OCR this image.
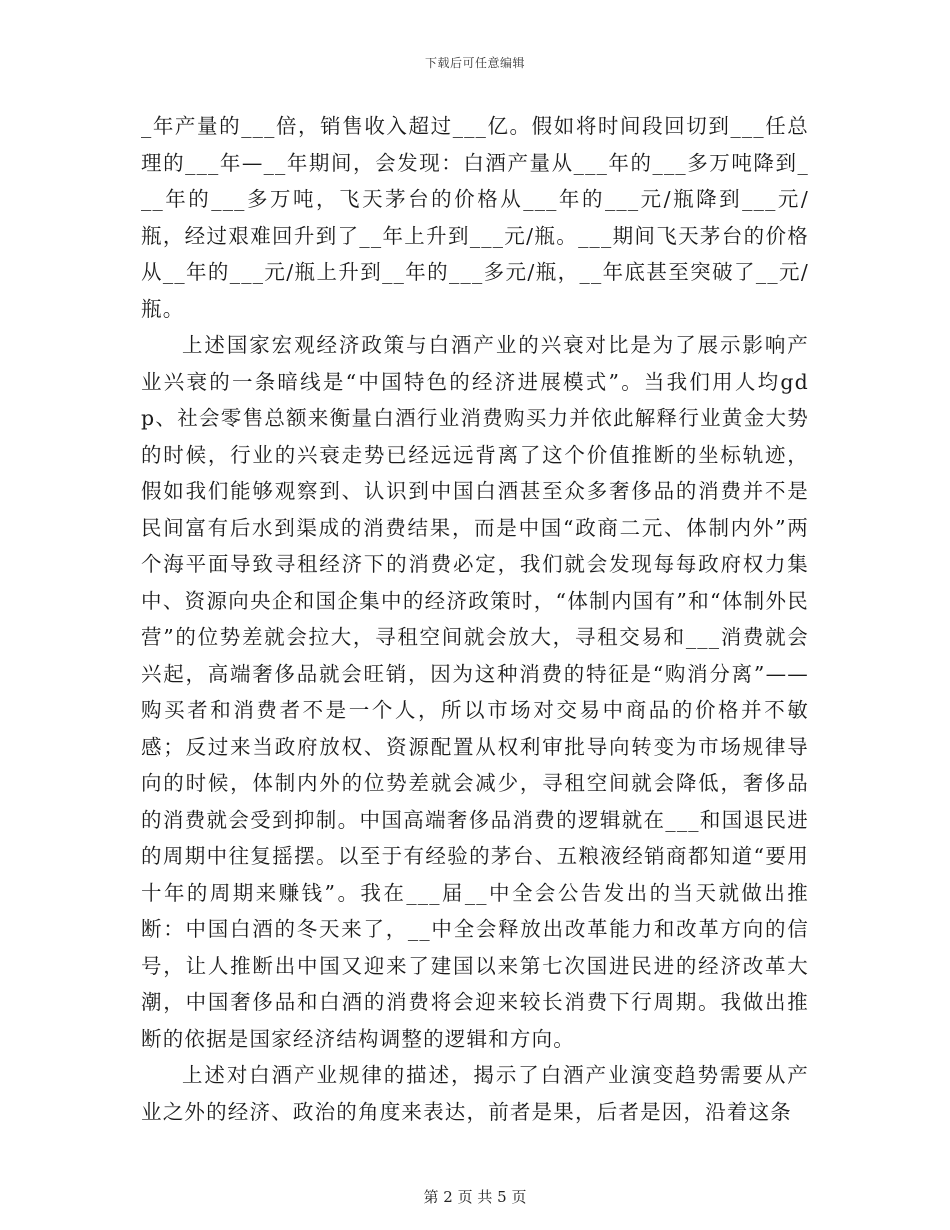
下载后可任意编辑

_年产量的___倍，销售收入超过___亿。假如将时间段回切到___任总理的___年—__年期间，会发现：白酒产量从___年的___多万吨降到___年的___多万吨，飞天茅台的价格从___年的___元/瓶降到___元/瓶，经过艰难回升到了__年上升到___元/瓶。___期间飞天茅台的价格从__年的___元/瓶上升到__年的___多元/瓶，__年底甚至突破了__元/瓶。

上述国家宏观经济政策与白酒产业的兴衰对比是为了展示影响产业兴衰的一条暗线是“中国特色的经济进展模式”。当我们用人均gdp、社会零售总额来衡量白酒行业消费购买力并依此解释行业黄金大势的时候，行业的兴衰走势已经远远背离了这个价值推断的坐标轨迹，假如我们能够观察到、认识到中国白酒甚至众多奢侈品的消费并不是民间富有后水到渠成的消费结果，而是中国“政商二元、体制内外”两个海平面导致寻租经济下的消费必定，我们就会发现每每政府权力集中、资源向央企和国企集中的经济政策时，“体制内国有”和“体制外民营”的位势差就会拉大，寻租空间就会放大，寻租交易和___消费就会兴起，高端奢侈品就会旺销，因为这种消费的特征是“购消分离”——购买者和消费者不是一个人，所以市场对交易中商品的价格并不敏感；反过来当政府放权、资源配置从权利审批导向转变为市场规律导向的时候，体制内外的位势差就会减少，寻租空间就会降低，奢侈品的消费就会受到抑制。中国高端奢侈品消费的逻辑就在___和国退民进的周期中往复摇摆。以至于有经验的茅台、五粮液经销商都知道“要用十年的周期来赚钱”。我在___届__中全会公告发出的当天就做出推断：中国白酒的冬天来了，__中全会释放出改革能力和改革方向的信号，让人推断出中国又迎来了建国以来第七次国进民进的经济改革大潮，中国奢侈品和白酒的消费将会迎来较长消费下行周期。我做出推断的依据是国家经济结构调整的逻辑和方向。

上述对白酒产业规律的描述，揭示了白酒产业演变趋势需要从产业之外的经济、政治的角度来表达，前者是果，后者是因，沿着这条

第 2 页 共 5 页
